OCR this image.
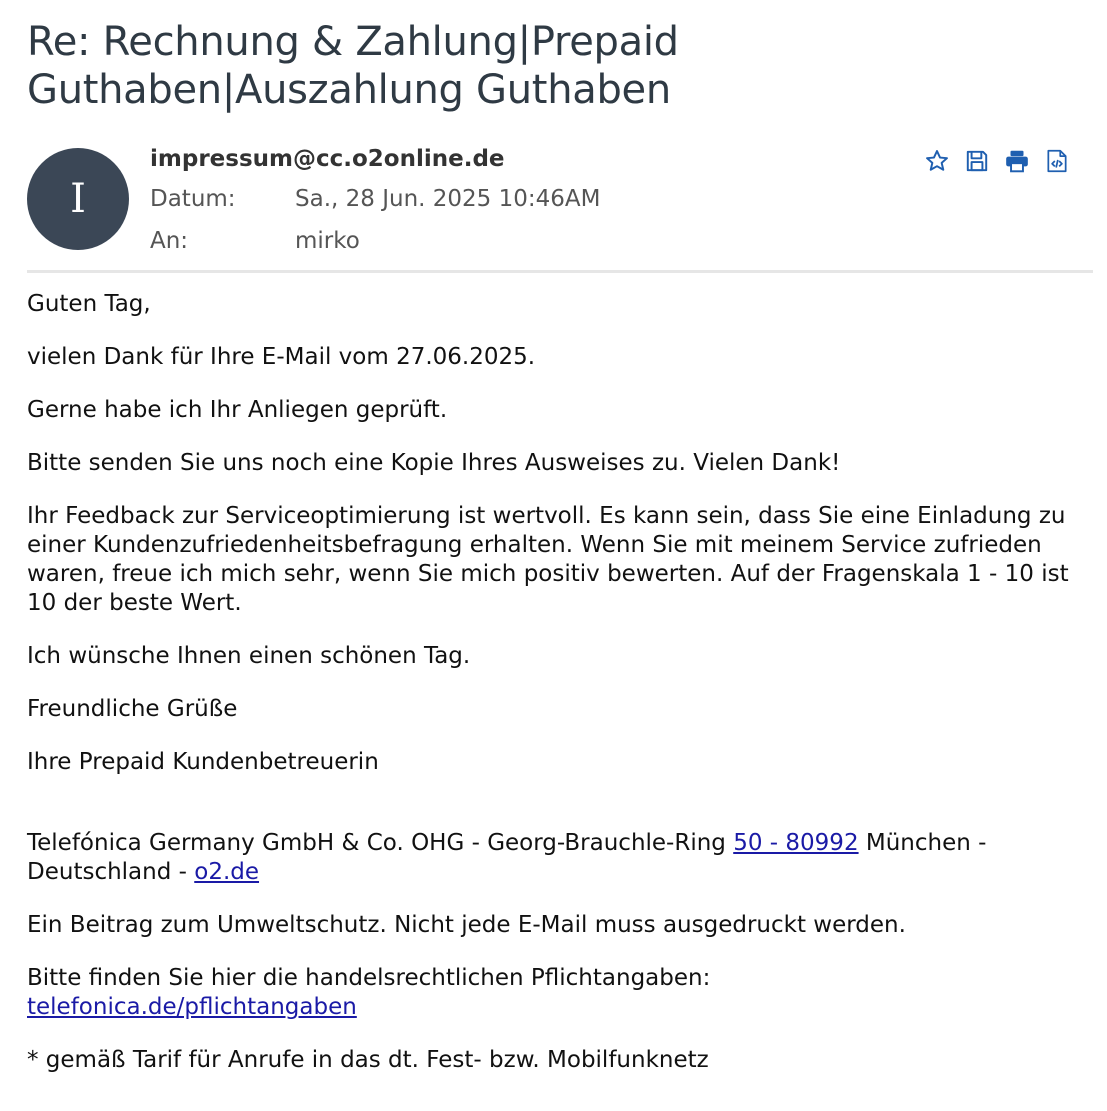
Re: Rechnung & Zahlung|Prepaid Guthaben|Auszahlung Guthaben
I
impressum@cc.o2online.de
Datum:	Sa., 28 Jun. 2025 10:46AM
An:	mirko

Guten Tag,

vielen Dank für Ihre E-Mail vom 27.06.2025.

Gerne habe ich Ihr Anliegen geprüft.

Bitte senden Sie uns noch eine Kopie Ihres Ausweises zu. Vielen Dank!

Ihr Feedback zur Serviceoptimierung ist wertvoll. Es kann sein, dass Sie eine Einladung zu einer Kundenzufriedenheitsbefragung erhalten. Wenn Sie mit meinem Service zufrieden waren, freue ich mich sehr, wenn Sie mich positiv bewerten. Auf der Fragenskala 1 - 10 ist 10 der beste Wert.

Ich wünsche Ihnen einen schönen Tag.

Freundliche Grüße

Ihre Prepaid Kundenbetreuerin

Telefónica Germany GmbH & Co. OHG - Georg-Brauchle-Ring 50 - 80992 München - Deutschland - o2.de

Ein Beitrag zum Umweltschutz. Nicht jede E-Mail muss ausgedruckt werden.

Bitte finden Sie hier die handelsrechtlichen Pflichtangaben:
telefonica.de/pflichtangaben

* gemäß Tarif für Anrufe in das dt. Fest- bzw. Mobilfunknetz
